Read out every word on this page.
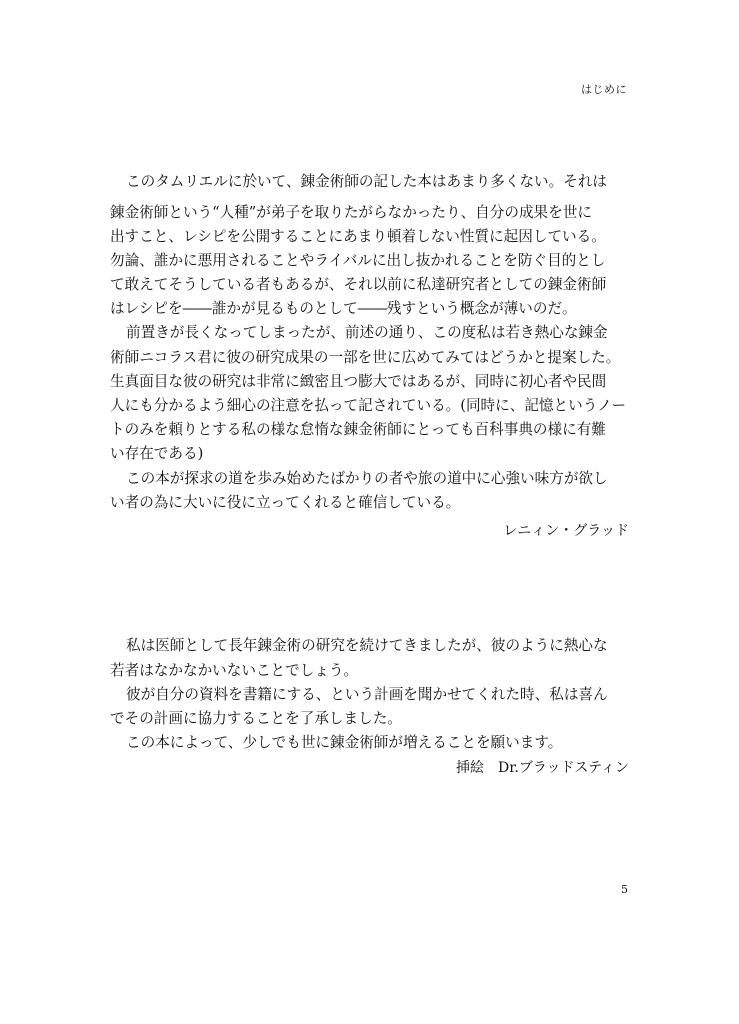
はじめに
このタムリエルに於いて、錬金術師の記した本はあまり多くない。それは
錬金術師という“人種”が弟子を取りたがらなかったり、自分の成果を世に
出すこと、レシピを公開することにあまり頓着しない性質に起因している。
勿論、誰かに悪用されることやライバルに出し抜かれることを防ぐ目的とし
て敢えてそうしている者もあるが、それ以前に私達研究者としての錬金術師
はレシピを――誰かが見るものとして――残すという概念が薄いのだ。
前置きが長くなってしまったが、前述の通り、この度私は若き熱心な錬金
術師ニコラス君に彼の研究成果の一部を世に広めてみてはどうかと提案した。
生真面目な彼の研究は非常に緻密且つ膨大ではあるが、同時に初心者や民間
人にも分かるよう細心の注意を払って記されている。(同時に、記憶というノー
トのみを頼りとする私の様な怠惰な錬金術師にとっても百科事典の様に有難
い存在である)
この本が探求の道を歩み始めたばかりの者や旅の道中に心強い味方が欲し
い者の為に大いに役に立ってくれると確信している。
レニィン・グラッド
私は医師として長年錬金術の研究を続けてきましたが、彼のように熱心な
若者はなかなかいないことでしょう。
彼が自分の資料を書籍にする、という計画を聞かせてくれた時、私は喜ん
でその計画に協力することを了承しました。
この本によって、少しでも世に錬金術師が増えることを願います。
挿絵　Dr.ブラッドスティン
5
